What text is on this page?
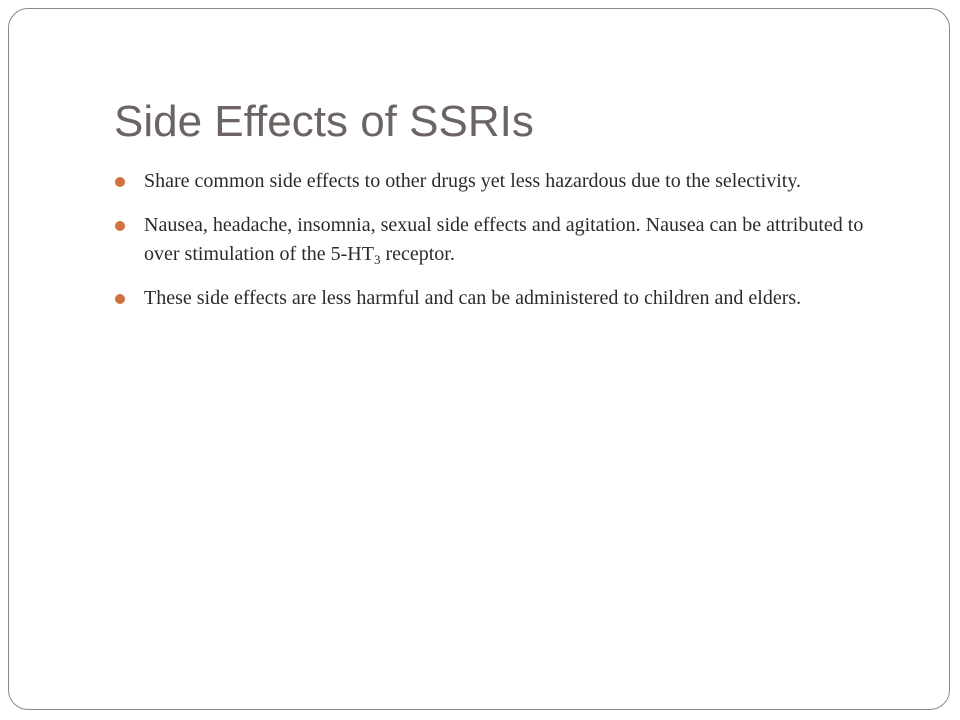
Side Effects of SSRIs
Share common side effects to other drugs yet less hazardous due to the selectivity.
Nausea, headache, insomnia, sexual side effects and agitation. Nausea can be attributed to over stimulation of the $5-HT_3$ receptor.
These side effects are less harmful and can be administered to children and elders.
